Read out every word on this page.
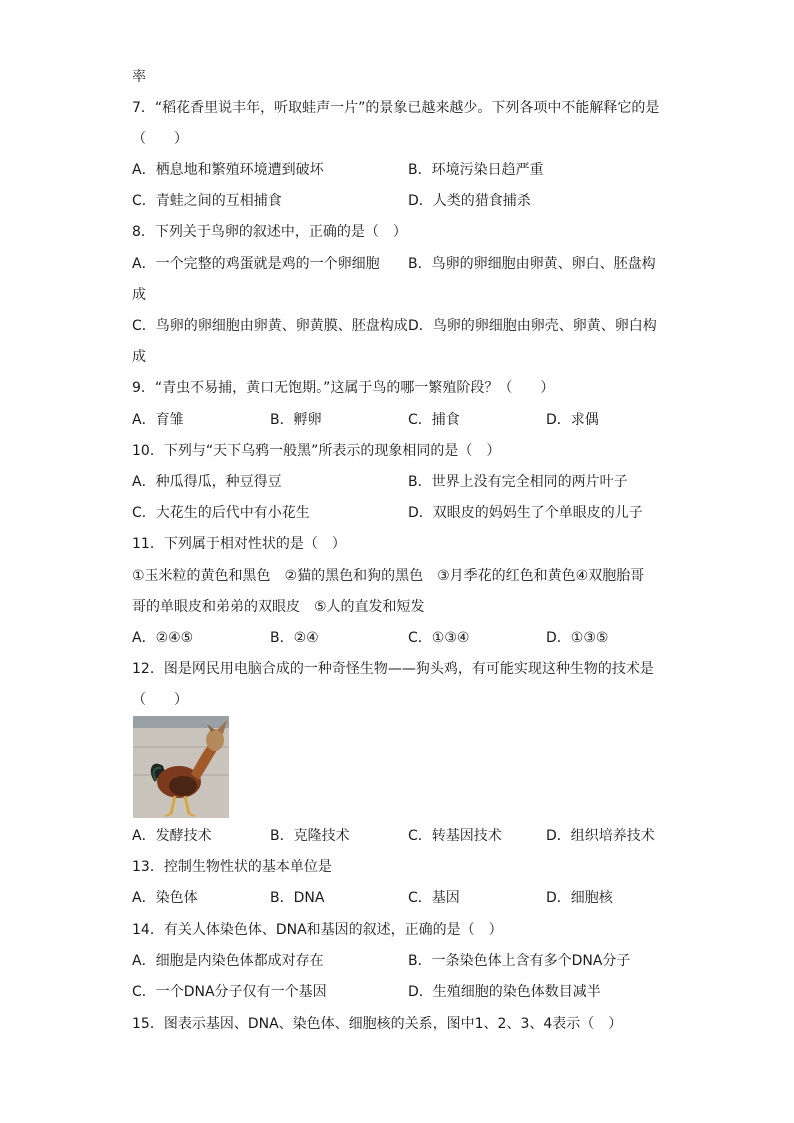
率
7．“稻花香里说丰年，听取蛙声一片”的景象已越来越少。下列各项中不能解释它的是
（　　）
A．栖息地和繁殖环境遭到破坏	B．环境污染日趋严重
C．青蛙之间的互相捕食	D．人类的猎食捕杀
8．下列关于鸟卵的叙述中，正确的是（　）
A．一个完整的鸡蛋就是鸡的一个卵细胞 B．鸟卵的卵细胞由卵黄、卵白、胚盘构
成
C．鸟卵的卵细胞由卵黄、卵黄膜、胚盘构成 D．鸟卵的卵细胞由卵壳、卵黄、卵白构
成
9．“青虫不易捕，黄口无饱期。”这属于鸟的哪一繁殖阶段？（　　）
A．育雏	B．孵卵	C．捕食	D．求偶
10．下列与“天下乌鸦一般黑”所表示的现象相同的是（　）
A．种瓜得瓜，种豆得豆	B．世界上没有完全相同的两片叶子
C．大花生的后代中有小花生	D．双眼皮的妈妈生了个单眼皮的儿子
11．下列属于相对性状的是（　）
①玉米粒的黄色和黑色　②猫的黑色和狗的黑色　③月季花的红色和黄色④双胞胎哥
哥的单眼皮和弟弟的双眼皮　⑤人的直发和短发
A．②④⑤	B．②④	C．①③④	D．①③⑤
12．图是网民用电脑合成的一种奇怪生物——狗头鸡，有可能实现这种生物的技术是
（　　）
A．发酵技术	B．克隆技术	C．转基因技术	D．组织培养技术
13．控制生物性状的基本单位是
A．染色体	B．DNA	C．基因	D．细胞核
14．有关人体染色体、DNA和基因的叙述，正确的是（　）
A．细胞是内染色体都成对存在	B．一条染色体上含有多个DNA分子
C．一个DNA分子仅有一个基因	D．生殖细胞的染色体数目减半
15．图表示基因、DNA、染色体、细胞核的关系，图中1、2、3、4表示（　）
